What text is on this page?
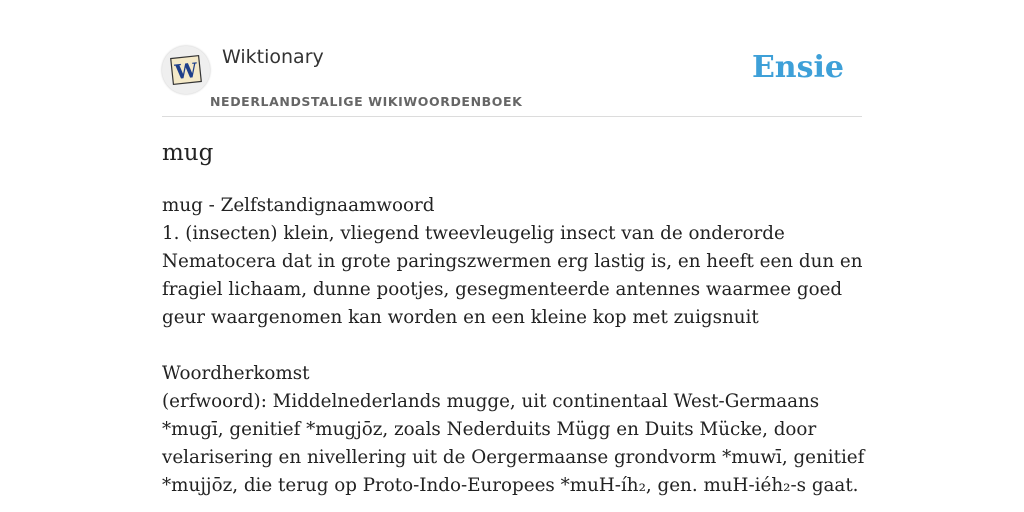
W
Wiktionary
NEDERLANDSTALIGE WIKIWOORDENBOEK
Ensie
mug

mug - Zelfstandignaamwoord

1. (insecten) klein, vliegend tweevleugelig insect van de onderorde Nematocera dat in grote paringszwermen erg lastig is, en heeft een dun en fragiel lichaam, dunne pootjes, gesegmenteerde antennes waarmee goed geur waargenomen kan worden en een kleine kop met zuigsnuit

Woordherkomst

(erfwoord): Middelnederlands mugge, uit continentaal West-Germaans *mugī, genitief *mugjōz, zoals Nederduits Mügg en Duits Mücke, door velarisering en nivellering uit de Oergermaanse grondvorm *muwī, genitief *mujjōz, die terug op Proto-Indo-Europees *muH-íh₂, gen. muH-iéh₂-s gaat.
